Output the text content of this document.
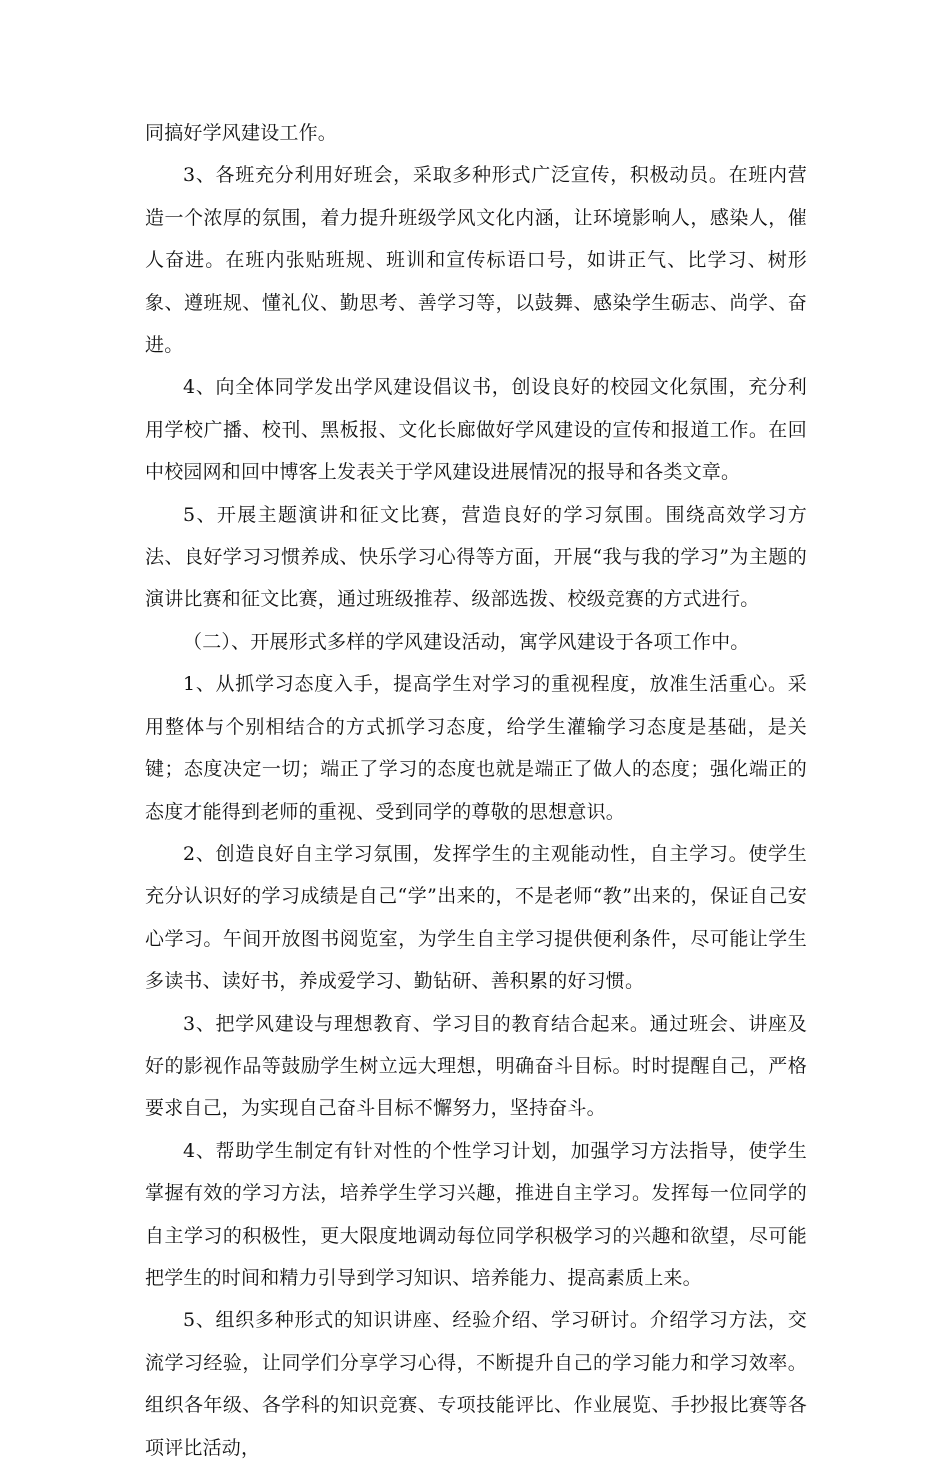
同搞好学风建设工作。

3、各班充分利用好班会，采取多种形式广泛宣传，积极动员。在班内营造一个浓厚的氛围，着力提升班级学风文化内涵，让环境影响人，感染人，催人奋进。在班内张贴班规、班训和宣传标语口号，如讲正气、比学习、树形象、遵班规、懂礼仪、勤思考、善学习等，以鼓舞、感染学生砺志、尚学、奋进。

4、向全体同学发出学风建设倡议书，创设良好的校园文化氛围，充分利用学校广播、校刊、黑板报、文化长廊做好学风建设的宣传和报道工作。在回中校园网和回中博客上发表关于学风建设进展情况的报导和各类文章。

5、开展主题演讲和征文比赛，营造良好的学习氛围。围绕高效学习方法、良好学习习惯养成、快乐学习心得等方面，开展“我与我的学习”为主题的演讲比赛和征文比赛，通过班级推荐、级部选拨、校级竞赛的方式进行。

（二）、开展形式多样的学风建设活动，寓学风建设于各项工作中。

1、从抓学习态度入手，提高学生对学习的重视程度，放准生活重心。采用整体与个别相结合的方式抓学习态度，给学生灌输学习态度是基础，是关键；态度决定一切；端正了学习的态度也就是端正了做人的态度；强化端正的态度才能得到老师的重视、受到同学的尊敬的思想意识。

2、创造良好自主学习氛围，发挥学生的主观能动性，自主学习。使学生充分认识好的学习成绩是自己“学”出来的，不是老师“教”出来的，保证自己安心学习。午间开放图书阅览室，为学生自主学习提供便利条件，尽可能让学生多读书、读好书，养成爱学习、勤钻研、善积累的好习惯。

3、把学风建设与理想教育、学习目的教育结合起来。通过班会、讲座及好的影视作品等鼓励学生树立远大理想，明确奋斗目标。时时提醒自己，严格要求自己，为实现自己奋斗目标不懈努力，坚持奋斗。

4、帮助学生制定有针对性的个性学习计划，加强学习方法指导，使学生掌握有效的学习方法，培养学生学习兴趣，推进自主学习。发挥每一位同学的自主学习的积极性，更大限度地调动每位同学积极学习的兴趣和欲望，尽可能把学生的时间和精力引导到学习知识、培养能力、提高素质上来。

5、组织多种形式的知识讲座、经验介绍、学习研讨。介绍学习方法，交流学习经验，让同学们分享学习心得，不断提升自己的学习能力和学习效率。组织各年级、各学科的知识竞赛、专项技能评比、作业展览、手抄报比赛等各项评比活动，
